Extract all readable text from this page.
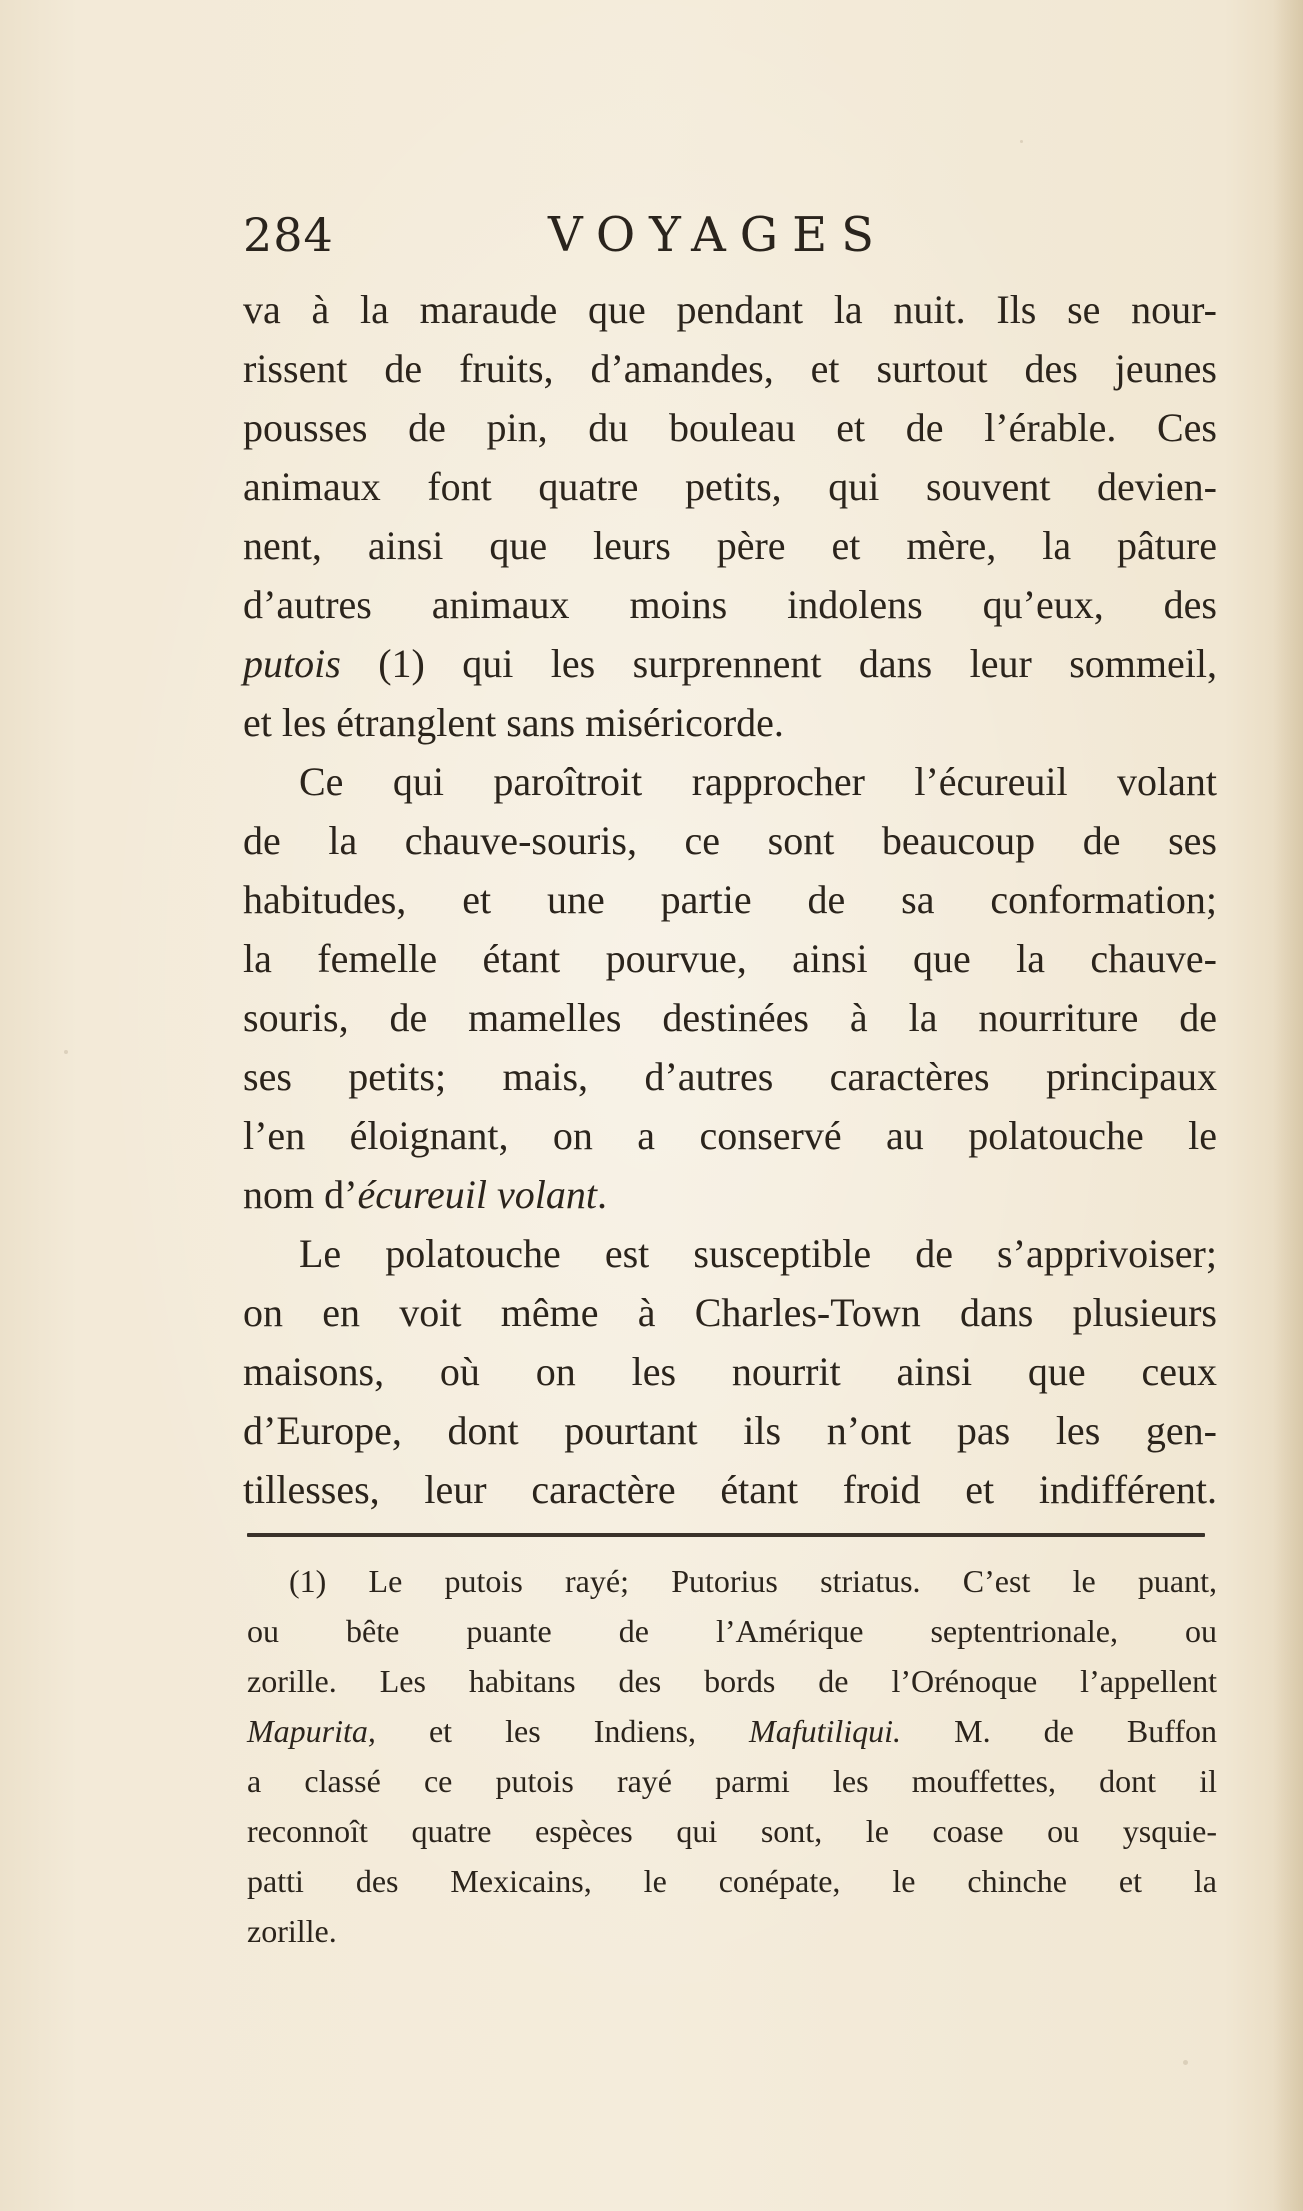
284	VOYAGES
va à la maraude que pendant la nuit. Ils se nour-
rissent de fruits, d’amandes, et surtout des jeunes
pousses de pin, du bouleau et de l’érable. Ces
animaux font quatre petits, qui souvent devien-
nent, ainsi que leurs père et mère, la pâture
d’autres animaux moins indolens qu’eux, des
putois (1) qui les surprennent dans leur sommeil,
et les étranglent sans miséricorde.
Ce qui paroîtroit rapprocher l’écureuil volant
de la chauve-souris, ce sont beaucoup de ses
habitudes, et une partie de sa conformation;
la femelle étant pourvue, ainsi que la chauve-
souris, de mamelles destinées à la nourriture de
ses petits; mais, d’autres caractères principaux
l’en éloignant, on a conservé au polatouche le
nom d’écureuil volant.
Le polatouche est susceptible de s’apprivoiser;
on en voit même à Charles-Town dans plusieurs
maisons, où on les nourrit ainsi que ceux
d’Europe, dont pourtant ils n’ont pas les gen-
tillesses, leur caractère étant froid et indifférent.
(1) Le putois rayé; Putorius striatus. C’est le puant,
ou bête puante de l’Amérique septentrionale, ou
zorille. Les habitans des bords de l’Orénoque l’appellent
Mapurita, et les Indiens, Mafutiliqui. M. de Buffon
a classé ce putois rayé parmi les mouffettes, dont il
reconnoît quatre espèces qui sont, le coase ou ysquie-
patti des Mexicains, le conépate, le chinche et la
zorille.
